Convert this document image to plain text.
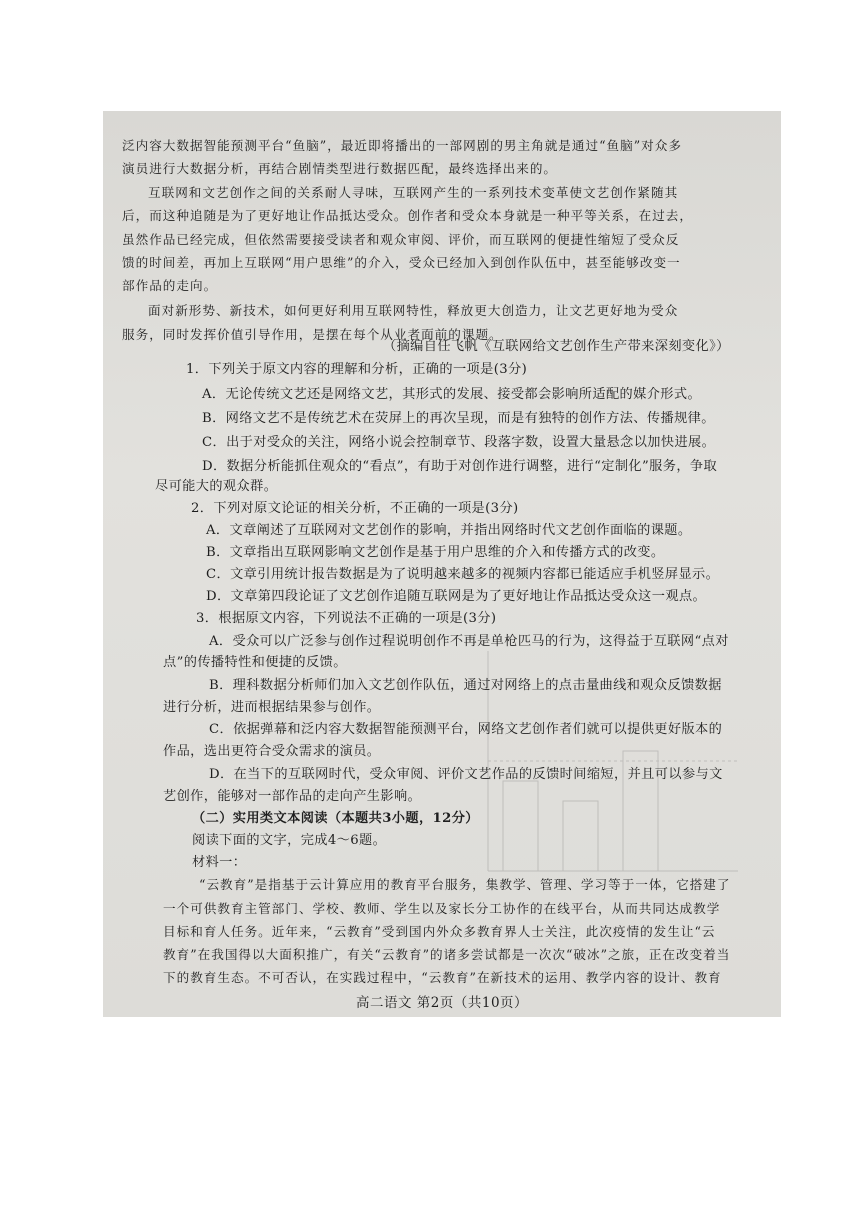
泛内容大数据智能预测平台“鱼脑”，最近即将播出的一部网剧的男主角就是通过“鱼脑”对众多
演员进行大数据分析，再结合剧情类型进行数据匹配，最终选择出来的。
互联网和文艺创作之间的关系耐人寻味，互联网产生的一系列技术变革使文艺创作紧随其
后，而这种追随是为了更好地让作品抵达受众。创作者和受众本身就是一种平等关系，在过去，
虽然作品已经完成，但依然需要接受读者和观众审阅、评价，而互联网的便捷性缩短了受众反
馈的时间差，再加上互联网“用户思维”的介入，受众已经加入到创作队伍中，甚至能够改变一
部作品的走向。
面对新形势、新技术，如何更好利用互联网特性，释放更大创造力，让文艺更好地为受众
服务，同时发挥价值引导作用，是摆在每个从业者面前的课题。
（摘编自任飞帆《互联网给文艺创作生产带来深刻变化》）
1．下列关于原文内容的理解和分析，正确的一项是(3分)
A．无论传统文艺还是网络文艺，其形式的发展、接受都会影响所适配的媒介形式。
B．网络文艺不是传统艺术在荧屏上的再次呈现，而是有独特的创作方法、传播规律。
C．出于对受众的关注，网络小说会控制章节、段落字数，设置大量悬念以加快进展。
D．数据分析能抓住观众的“看点”，有助于对创作进行调整，进行“定制化”服务，争取
尽可能大的观众群。
2．下列对原文论证的相关分析，不正确的一项是(3分)
A．文章阐述了互联网对文艺创作的影响，并指出网络时代文艺创作面临的课题。
B．文章指出互联网影响文艺创作是基于用户思维的介入和传播方式的改变。
C．文章引用统计报告数据是为了说明越来越多的视频内容都已能适应手机竖屏显示。
D．文章第四段论证了文艺创作追随互联网是为了更好地让作品抵达受众这一观点。
3．根据原文内容，下列说法不正确的一项是(3分)
A．受众可以广泛参与创作过程说明创作不再是单枪匹马的行为，这得益于互联网“点对
点”的传播特性和便捷的反馈。
B．理科数据分析师们加入文艺创作队伍，通过对网络上的点击量曲线和观众反馈数据
进行分析，进而根据结果参与创作。
C．依据弹幕和泛内容大数据智能预测平台，网络文艺创作者们就可以提供更好版本的
作品，选出更符合受众需求的演员。
D．在当下的互联网时代，受众审阅、评价文艺作品的反馈时间缩短，并且可以参与文
艺创作，能够对一部作品的走向产生影响。
（二）实用类文本阅读（本题共3小题，12分）
阅读下面的文字，完成4～6题。
材料一：
“云教育”是指基于云计算应用的教育平台服务，集教学、管理、学习等于一体，它搭建了
一个可供教育主管部门、学校、教师、学生以及家长分工协作的在线平台，从而共同达成教学
目标和育人任务。近年来，“云教育”受到国内外众多教育界人士关注，此次疫情的发生让“云
教育”在我国得以大面积推广，有关“云教育”的诸多尝试都是一次次“破冰”之旅，正在改变着当
下的教育生态。不可否认，在实践过程中，“云教育”在新技术的运用、教学内容的设计、教育
高二语文 第2页（共10页）
